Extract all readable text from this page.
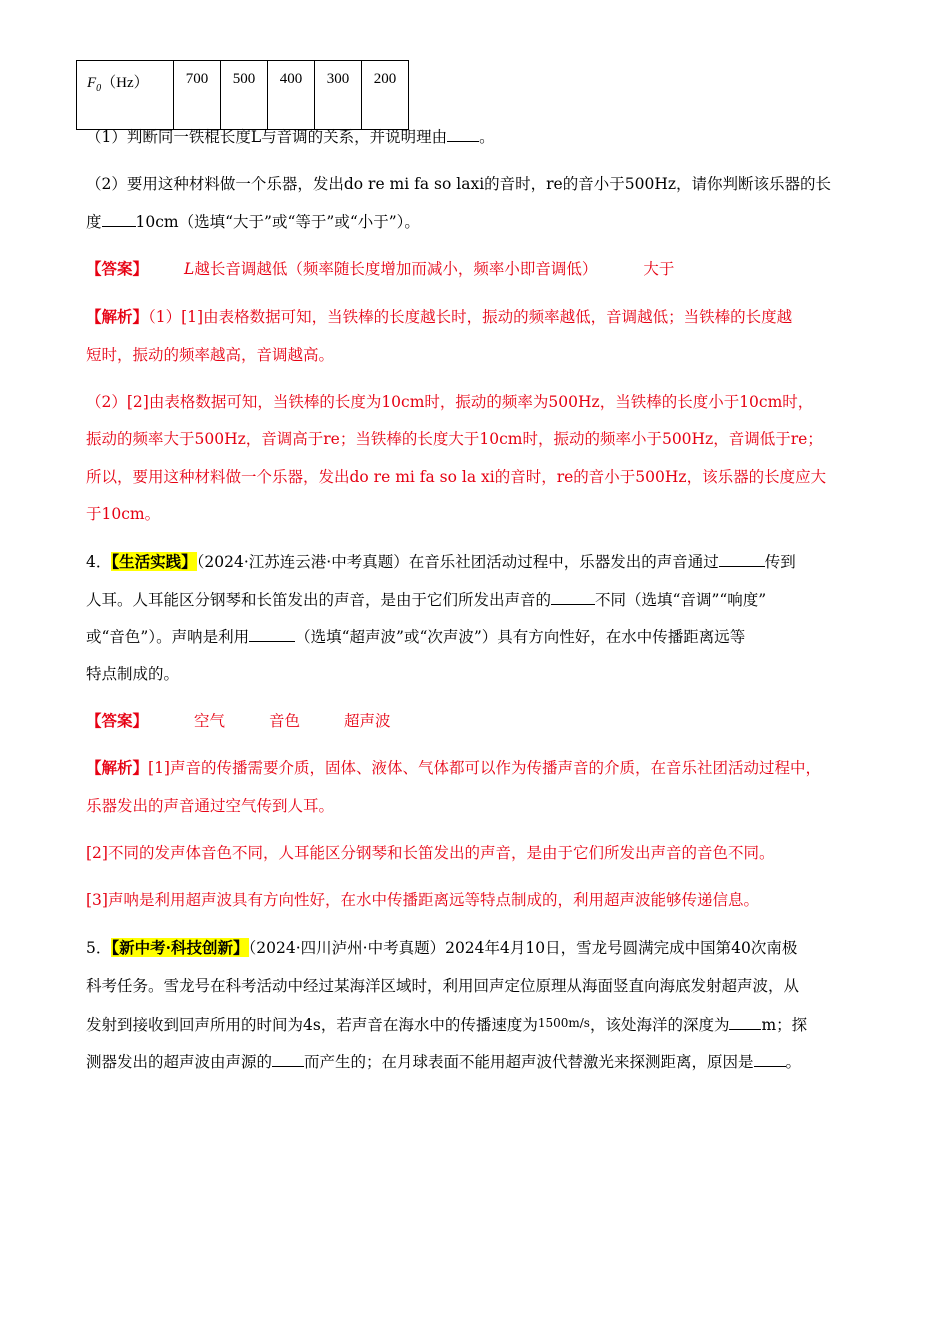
$F_0(Hz)$	700	500	400	300	200
（1）判断同一铁棍长度L与音调的关系，并说明理由 。
（2）要用这种材料做一个乐器，发出do re mi fa so laxi的音时，re的音小于500Hz，请你判断该乐器的长
度 10cm（选填“大于”或“等于”或“小于”）。
【答案】 L越长音调越低（频率随长度增加而减小，频率小即音调低）	大于
【解析】（1）[1]由表格数据可知，当铁棒的长度越长时，振动的频率越低，音调越低；当铁棒的长度越
短时，振动的频率越高，音调越高。
（2）[2]由表格数据可知，当铁棒的长度为10cm时，振动的频率为500Hz，当铁棒的长度小于10cm时，
振动的频率大于500Hz，音调高于re；当铁棒的长度大于10cm时，振动的频率小于500Hz，音调低于re；
所以，要用这种材料做一个乐器，发出do re mi fa so la xi的音时，re的音小于500Hz，该乐器的长度应大
于10cm。
4．【生活实践】（2024·江苏连云港·中考真题）在音乐社团活动过程中，乐器发出的声音通过	传到
人耳。人耳能区分钢琴和长笛发出的声音，是由于它们所发出声音的	不同（选填“音调”“响度”
或“音色”）。声呐是利用	（选填“超声波”或“次声波”）具有方向性好，在水中传播距离远等
特点制成的。
【答案】	空气	音色	超声波
【解析】[1]声音的传播需要介质，固体、液体、气体都可以作为传播声音的介质，在音乐社团活动过程中，
乐器发出的声音通过空气传到人耳。
[2]不同的发声体音色不同，人耳能区分钢琴和长笛发出的声音，是由于它们所发出声音的音色不同。
[3]声呐是利用超声波具有方向性好，在水中传播距离远等特点制成的，利用超声波能够传递信息。
5．【新中考·科技创新】（2024·四川泸州·中考真题）2024年4月10日，雪龙号圆满完成中国第40次南极
科考任务。雪龙号在科考活动中经过某海洋区域时，利用回声定位原理从海面竖直向海底发射超声波，从
发射到接收到回声所用的时间为4s，若声音在海水中的传播速度为1500m/s，该处海洋的深度为 m；探
测器发出的超声波由声源的 而产生的；在月球表面不能用超声波代替激光来探测距离，原因是 。
